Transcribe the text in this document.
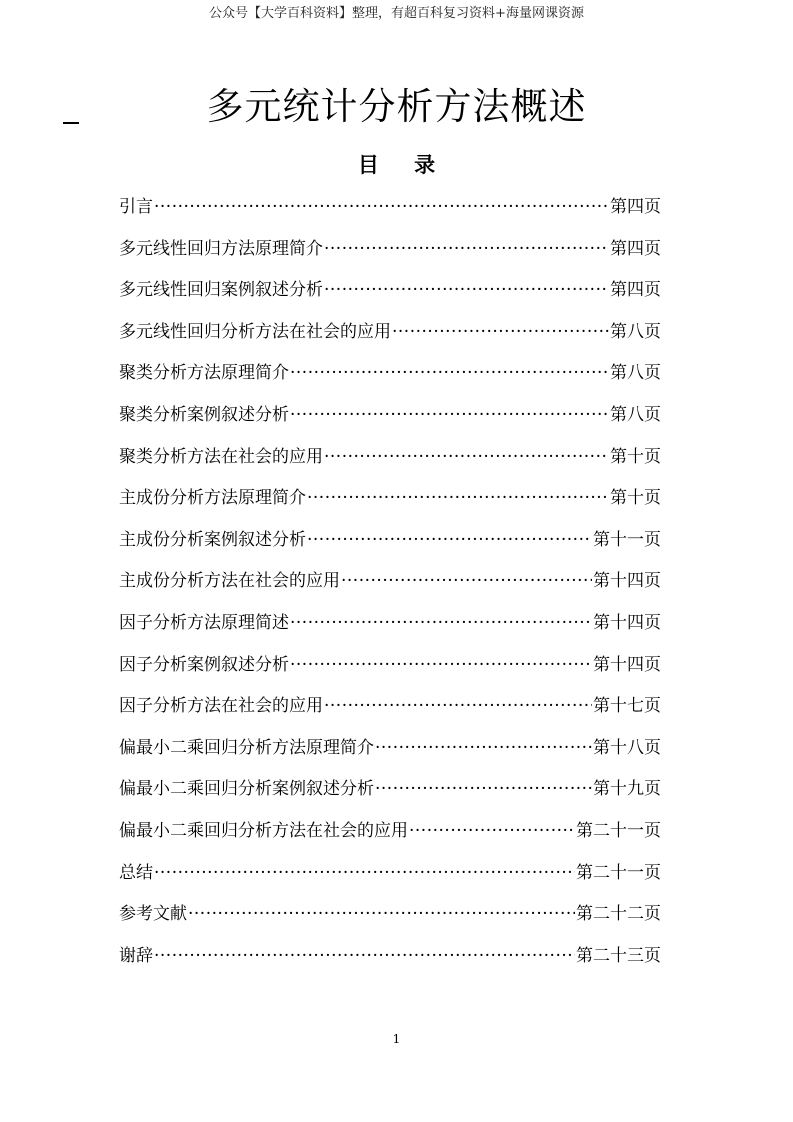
公众号【大学百科资料】整理，有超百科复习资料+海量网课资源
多元统计分析方法概述
目 录
引言 ·····	第四页
多元线性回归方法原理简介 ·····	第四页
多元线性回归案例叙述分析 ·····	第四页
多元线性回归分析方法在社会的应用 ·····	第八页
聚类分析方法原理简介 ·····	第八页
聚类分析案例叙述分析 ·····	第八页
聚类分析方法在社会的应用 ·····	第十页
主成份分析方法原理简介 ·····	第十页
主成份分析案例叙述分析 ·····	第十一页
主成份分析方法在社会的应用 ·····	第十四页
因子分析方法原理简述 ·····	第十四页
因子分析案例叙述分析 ·····	第十四页
因子分析方法在社会的应用 ·····	第十七页
偏最小二乘回归分析方法原理简介 ·····	第十八页
偏最小二乘回归分析案例叙述分析 ·····	第十九页
偏最小二乘回归分析方法在社会的应用 ·····	第二十一页
总结 ·····	第二十一页
参考文献 ·····	第二十二页
谢辞 ·····	第二十三页
1
